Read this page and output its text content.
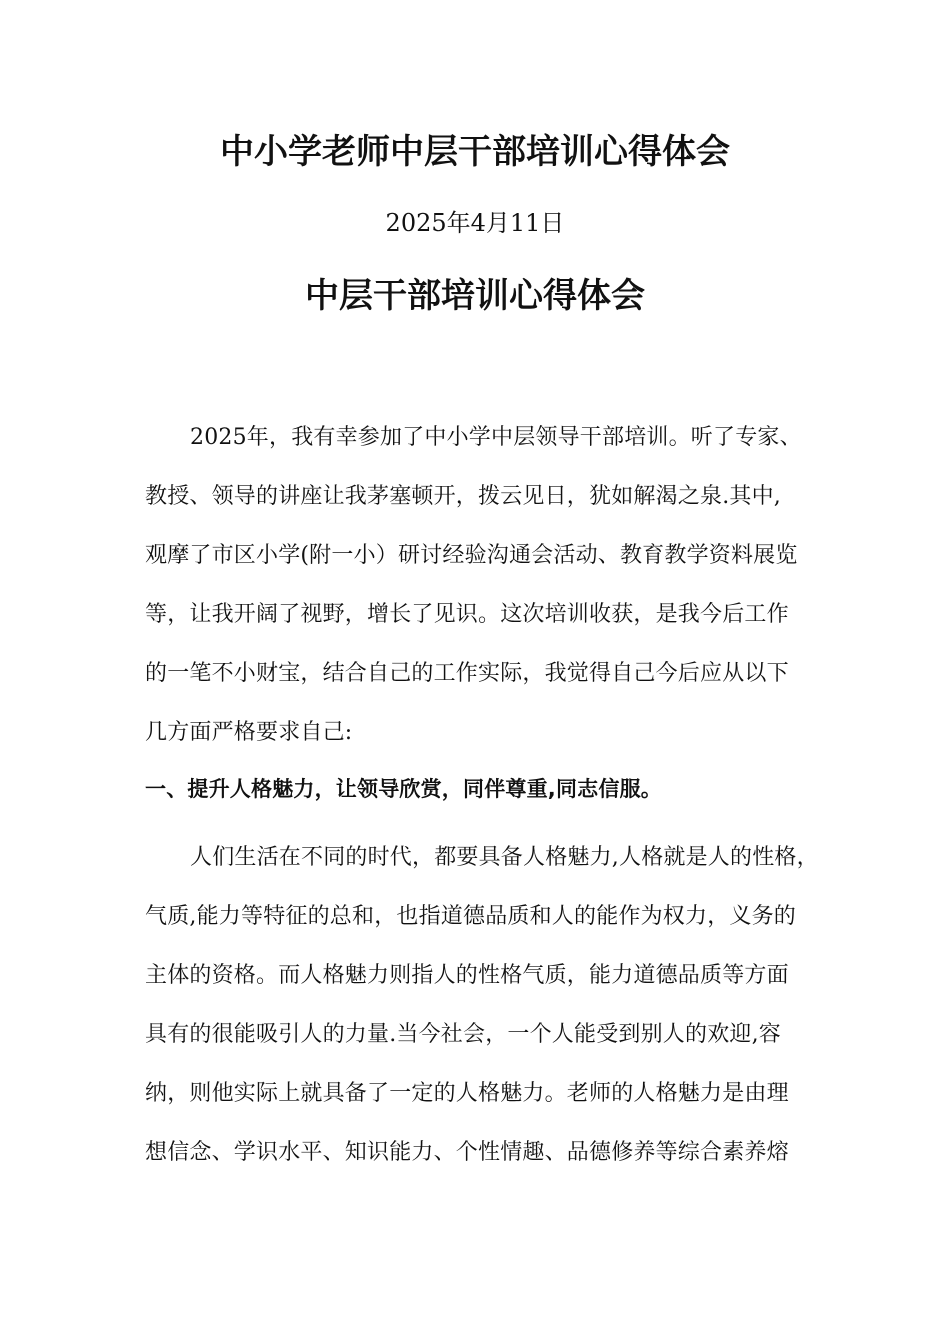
中小学老师中层干部培训心得体会
2025年4月11日
中层干部培训心得体会
2025年，我有幸参加了中小学中层领导干部培训。听了专家、
教授、领导的讲座让我茅塞顿开，拨云见日，犹如解渴之泉.其中,
观摩了市区小学(附一小）研讨经验沟通会活动、教育教学资料展览
等，让我开阔了视野，增长了见识。这次培训收获，是我今后工作
的一笔不小财宝，结合自己的工作实际，我觉得自己今后应从以下
几方面严格要求自己:
一、提升人格魅力，让领导欣赏，同伴尊重,同志信服。
人们生活在不同的时代，都要具备人格魅力,人格就是人的性格，
气质,能力等特征的总和，也指道德品质和人的能作为权力，义务的
主体的资格。而人格魅力则指人的性格气质，能力道德品质等方面
具有的很能吸引人的力量.当今社会，一个人能受到别人的欢迎,容
纳，则他实际上就具备了一定的人格魅力。老师的人格魅力是由理
想信念、学识水平、知识能力、个性情趣、品德修养等综合素养熔
